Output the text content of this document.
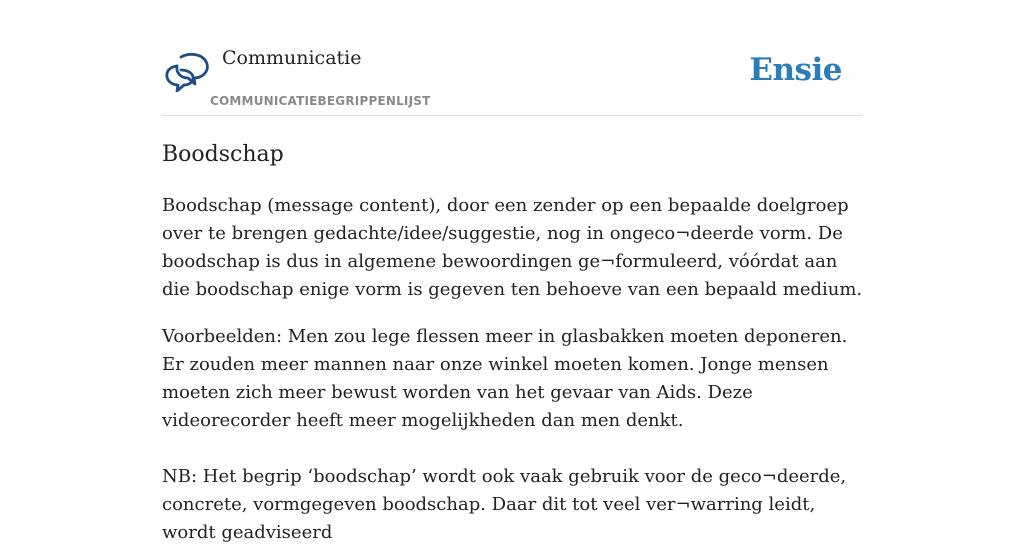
Communicatie
COMMUNICATIEBEGRIPPENLIJST
Ensie
Boodschap

Boodschap (message content), door een zender op een bepaalde doelgroep over te brengen gedachte/idee/suggestie, nog in ongeco¬deerde vorm. De boodschap is dus in algemene bewoordingen ge¬formuleerd, vóórdat aan die boodschap enige vorm is gegeven ten behoeve van een bepaald medium.

Voorbeelden: Men zou lege flessen meer in glasbakken moeten deponeren. Er zouden meer mannen naar onze winkel moeten komen. Jonge mensen moeten zich meer bewust worden van het gevaar van Aids. Deze videorecorder heeft meer mogelijkheden dan men denkt.

NB: Het begrip ‘boodschap’ wordt ook vaak gebruik voor de geco¬deerde, concrete, vormgegeven boodschap. Daar dit tot veel ver¬warring leidt, wordt geadviseerd
